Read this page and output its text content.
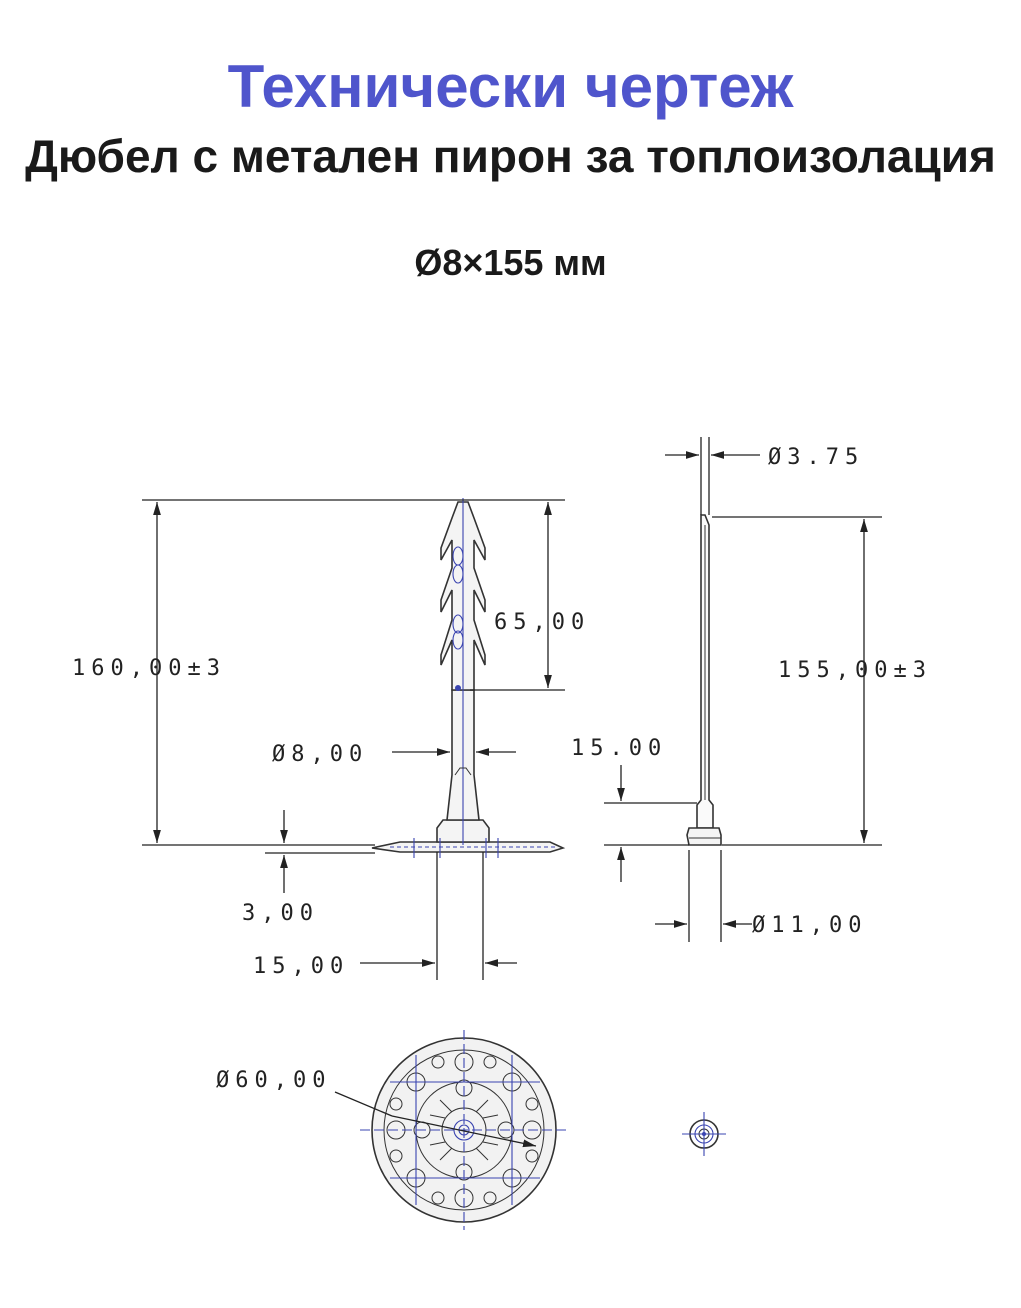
Технически чертеж
Дюбел с метален пирон за топлоизолация
Ø8×155 мм
160,00±3
65,00
Ø8,00
3,00
15,00
Ø3.75
155,00±3
15.00
Ø11,00
Ø60,00
